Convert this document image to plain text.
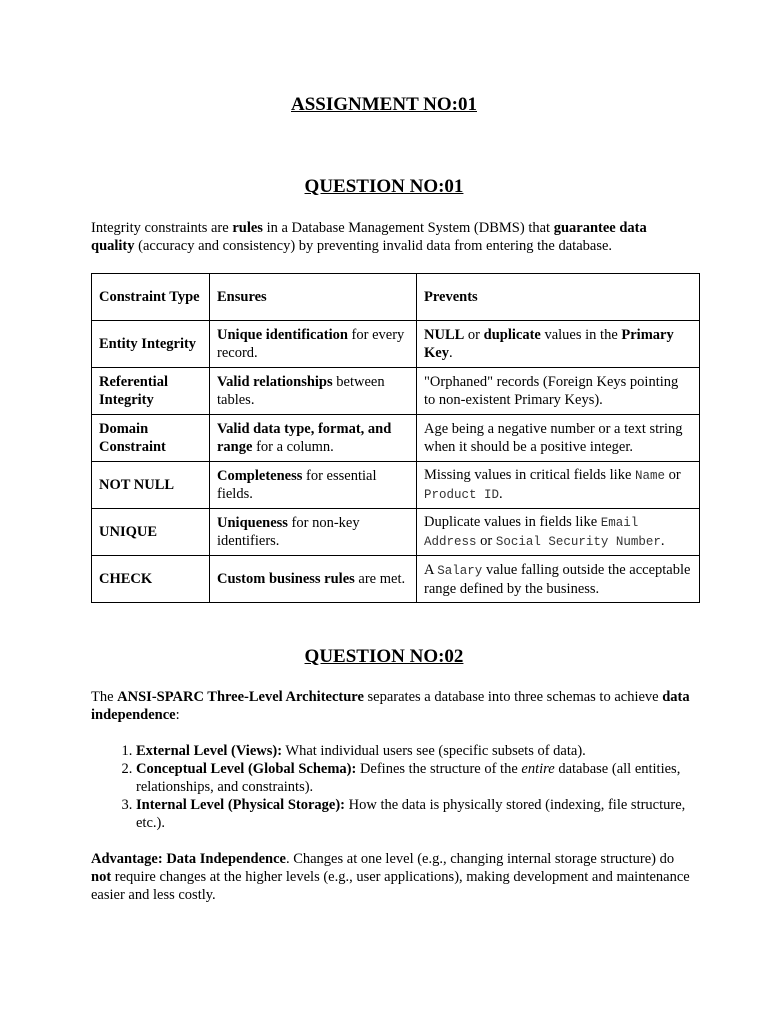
ASSIGNMENT NO:01
QUESTION NO:01

Integrity constraints are rules in a Database Management System (DBMS) that guarantee data quality (accuracy and consistency) by preventing invalid data from entering the database.

Constraint Type	Ensures	Prevents
Entity Integrity	Unique identification for every record.	NULL or duplicate values in the Primary Key.
Referential Integrity	Valid relationships between tables.	"Orphaned" records (Foreign Keys pointing to non-existent Primary Keys).
Domain Constraint	Valid data type, format, and range for a column.	Age being a negative number or a text string when it should be a positive integer.
NOT NULL	Completeness for essential fields.	Missing values in critical fields like Name or Product ID.
UNIQUE	Uniqueness for non-key identifiers.	Duplicate values in fields like Email Address or Social Security Number.
CHECK	Custom business rules are met.	A Salary value falling outside the acceptable range defined by the business.
QUESTION NO:02

The ANSI-SPARC Three-Level Architecture separates a database into three schemas to achieve data independence:

1. External Level (Views): What individual users see (specific subsets of data).
2. Conceptual Level (Global Schema): Defines the structure of the entire database (all entities, relationships, and constraints).
3. Internal Level (Physical Storage): How the data is physically stored (indexing, file structure, etc.).

Advantage: Data Independence. Changes at one level (e.g., changing internal storage structure) do not require changes at the higher levels (e.g., user applications), making development and maintenance easier and less costly.
